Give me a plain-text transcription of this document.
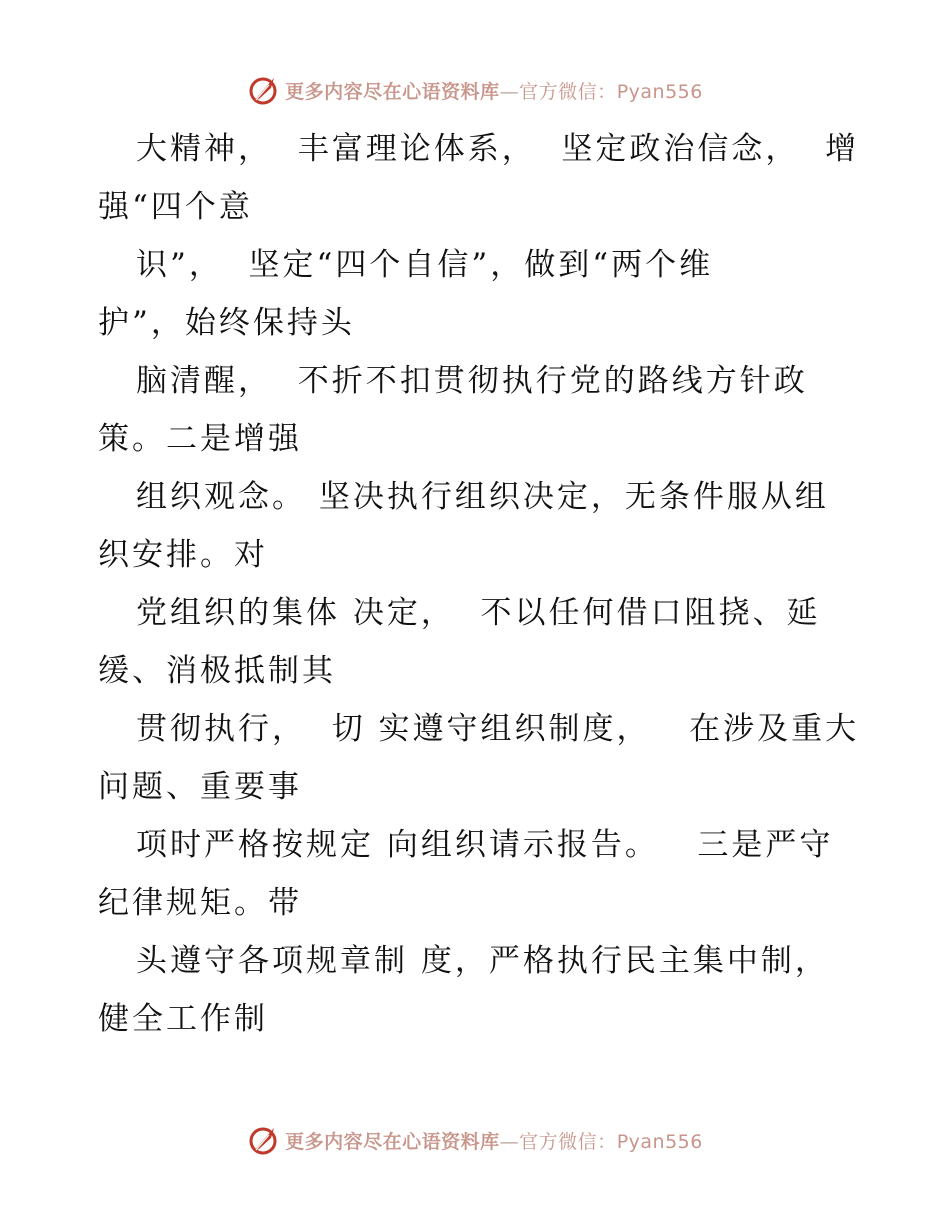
更多内容尽在心语资料库—官方微信：Pyan556
大精神，  丰富理论体系，  坚定政治信念，  增
强“四个意
识”，  坚定“四个自信”，做到“两个维
护”，始终保持头
脑清醒，  不折不扣贯彻执行党的路线方针政
策。二是增强
组织观念。 坚决执行组织决定，无条件服从组
织安排。对
党组织的集体 决定，  不以任何借口阻挠、延
缓、消极抵制其
贯彻执行，  切 实遵守组织制度，   在涉及重大
问题、重要事
项时严格按规定 向组织请示报告。   三是严守
纪律规矩。带
头遵守各项规章制 度，严格执行民主集中制，
健全工作制
更多内容尽在心语资料库—官方微信：Pyan556
